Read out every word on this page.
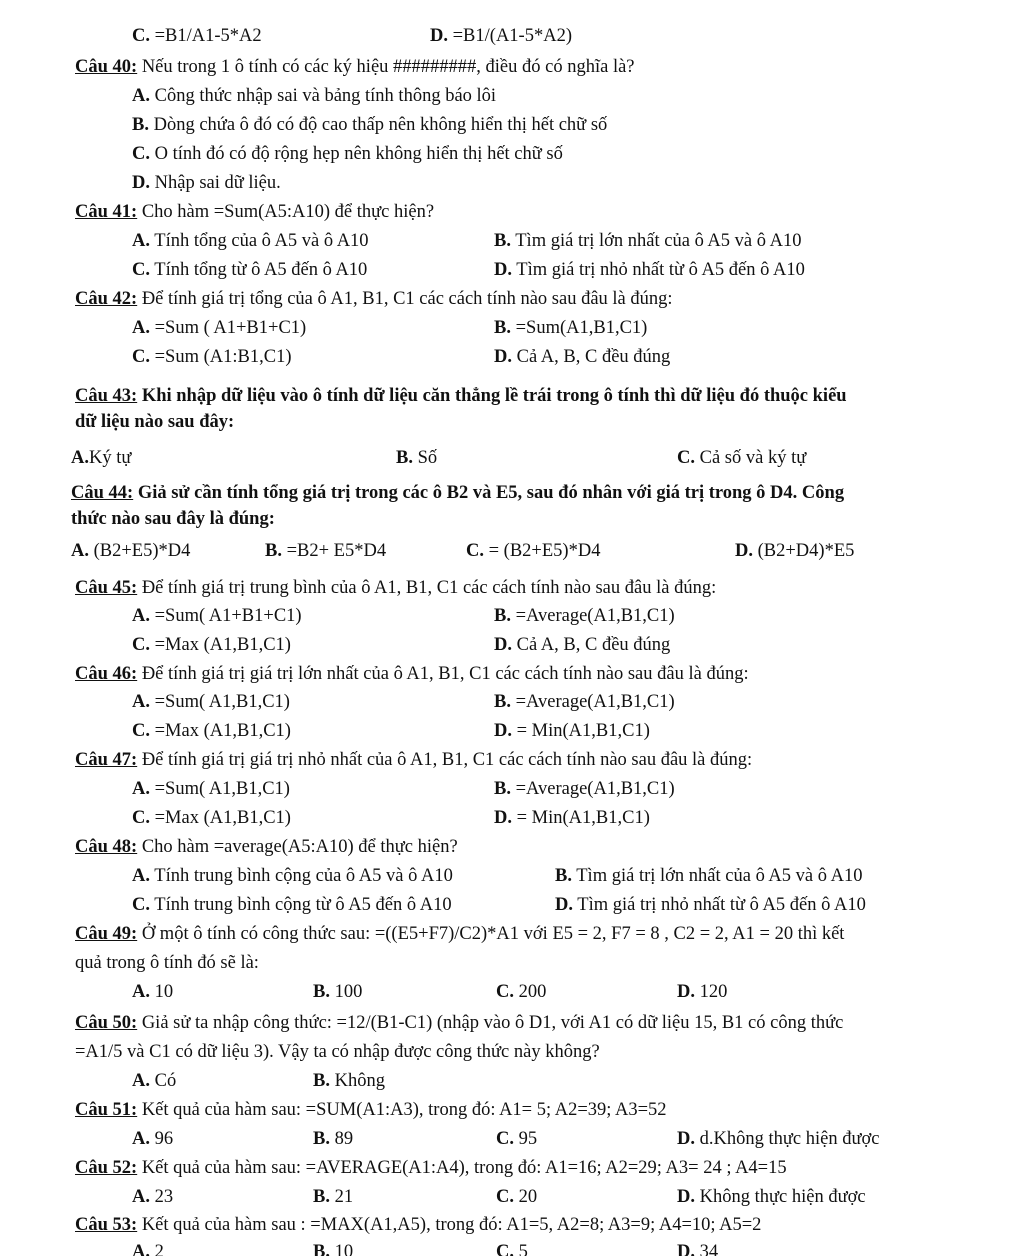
C. =B1/A1-5*A2	D. =B1/(A1-5*A2)
Câu 40: Nếu trong 1 ô tính có các ký hiệu #########, điều đó có nghĩa là?
A. Công thức nhập sai và bảng tính thông báo lôi
B. Dòng chứa ô đó có độ cao thấp nên không hiển thị hết chữ số
C. O tính đó có độ rộng hẹp nên không hiển thị hết chữ số
D. Nhập sai dữ liệu.
Câu 41: Cho hàm =Sum(A5:A10) để thực hiện?
A. Tính tổng của ô A5 và ô A10	B. Tìm giá trị lớn nhất của ô A5 và ô A10
C. Tính tổng từ ô A5 đến ô A10	D. Tìm giá trị nhỏ nhất từ ô A5 đến ô A10
Câu 42: Để tính giá trị tổng của ô A1, B1, C1 các cách tính nào sau đâu là đúng:
A. =Sum ( A1+B1+C1)	B. =Sum(A1,B1,C1)
C. =Sum (A1:B1,C1)	D. Cả A, B, C đều đúng
Câu 43: Khi nhập dữ liệu vào ô tính dữ liệu căn thẳng lề trái trong ô tính thì dữ liệu đó thuộc kiểu
dữ liệu nào sau đây:
A.Ký tự	B. Số	C. Cả số và ký tự
Câu 44: Giả sử cần tính tổng giá trị trong các ô B2 và E5, sau đó nhân với giá trị trong ô D4. Công
thức nào sau đây là đúng:
A. (B2+E5)*D4	B. =B2+ E5*D4	C. = (B2+E5)*D4	D. (B2+D4)*E5
Câu 45: Để tính giá trị trung bình của ô A1, B1, C1 các cách tính nào sau đâu là đúng:
A. =Sum( A1+B1+C1)	B. =Average(A1,B1,C1)
C. =Max (A1,B1,C1)	D. Cả A, B, C đều đúng
Câu 46: Để tính giá trị giá trị lớn nhất của ô A1, B1, C1 các cách tính nào sau đâu là đúng:
A. =Sum( A1,B1,C1)	B. =Average(A1,B1,C1)
C. =Max (A1,B1,C1)	D. = Min(A1,B1,C1)
Câu 47: Để tính giá trị giá trị nhỏ nhất của ô A1, B1, C1 các cách tính nào sau đâu là đúng:
A. =Sum( A1,B1,C1)	B. =Average(A1,B1,C1)
C. =Max (A1,B1,C1)	D. = Min(A1,B1,C1)
Câu 48: Cho hàm =average(A5:A10) để thực hiện?
A. Tính trung bình cộng của ô A5 và ô A10	B. Tìm giá trị lớn nhất của ô A5 và ô A10
C. Tính trung bình cộng từ ô A5 đến ô A10	D. Tìm giá trị nhỏ nhất từ ô A5 đến ô A10
Câu 49: Ở một ô tính có công thức sau: =((E5+F7)/C2)*A1 với E5 = 2, F7 = 8 , C2 = 2, A1 = 20 thì kết
quả trong ô tính đó sẽ là:
A. 10	B. 100	C. 200	D. 120
Câu 50: Giả sử ta nhập công thức: =12/(B1-C1) (nhập vào ô D1, với A1 có dữ liệu 15, B1 có công thức
=A1/5 và C1 có dữ liệu 3). Vậy ta có nhập được công thức này không?
A. Có	B. Không
Câu 51: Kết quả của hàm sau: =SUM(A1:A3), trong đó: A1= 5; A2=39; A3=52
A. 96	B. 89	C. 95	D. d.Không thực hiện được
Câu 52: Kết quả của hàm sau: =AVERAGE(A1:A4), trong đó: A1=16; A2=29; A3= 24 ; A4=15
A. 23	B. 21	C. 20	D. Không thực hiện được
Câu 53: Kết quả của hàm sau : =MAX(A1,A5), trong đó: A1=5, A2=8; A3=9; A4=10; A5=2
A. 2	B. 10	C. 5	D. 34
